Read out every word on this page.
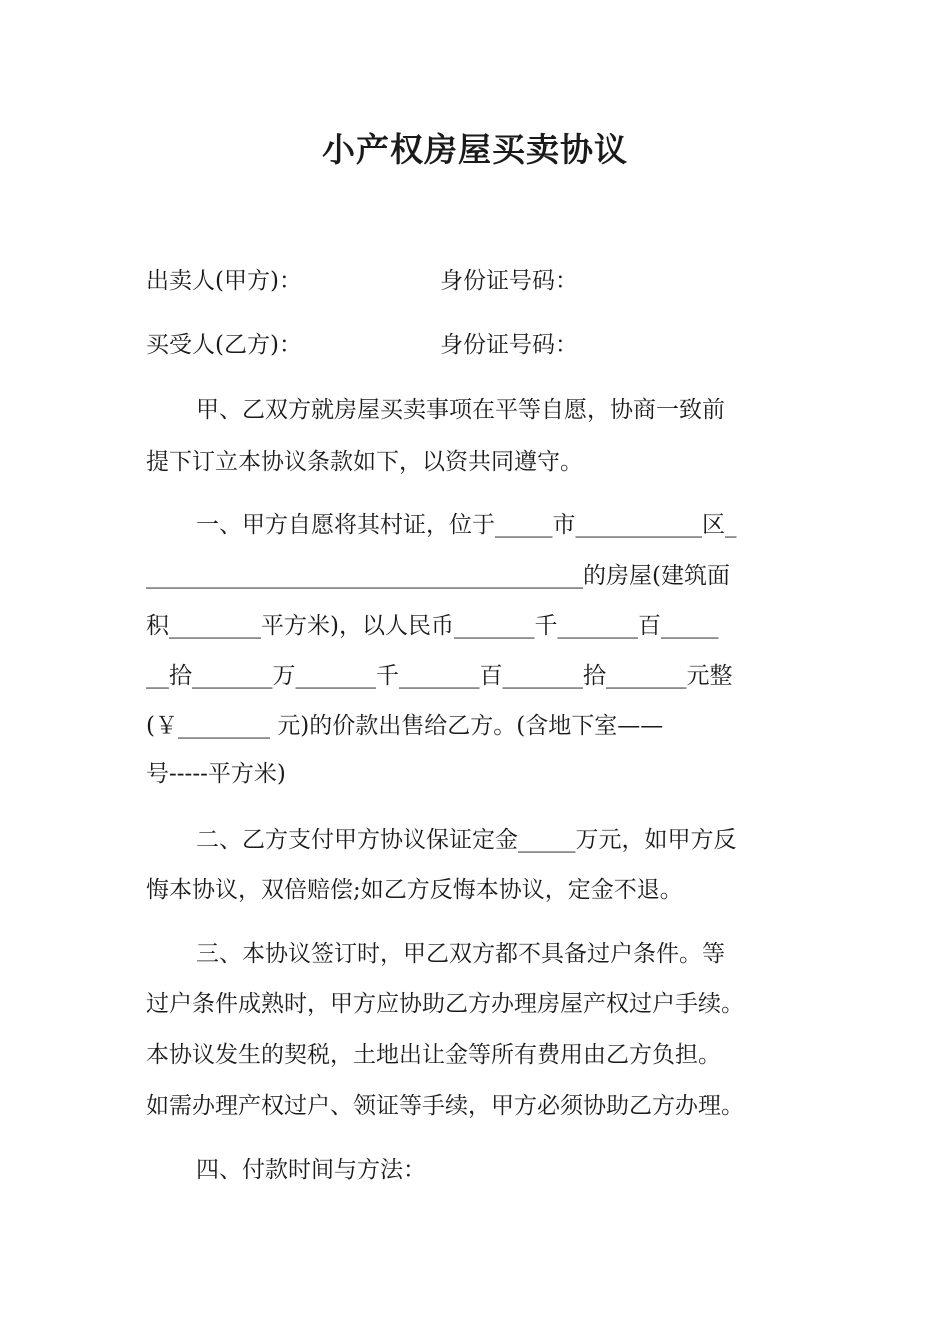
小产权房屋买卖协议
出卖人(甲方)：	身份证号码：
买受人(乙方)：	身份证号码：
甲、乙双方就房屋买卖事项在平等自愿，协商一致前
提下订立本协议条款如下，以资共同遵守。
一、甲方自愿将其村证，位于_____市___________区_
______________________________________的房屋(建筑面
积________平方米)，以人民币_______千_______百_____
__拾_______万_______千_______百_______拾_______元整
(￥________ 元)的价款出售给乙方。(含地下室——
号-----平方米)
二、乙方支付甲方协议保证定金_____万元，如甲方反
悔本协议，双倍赔偿;如乙方反悔本协议，定金不退。
三、本协议签订时，甲乙双方都不具备过户条件。等
过户条件成熟时，甲方应协助乙方办理房屋产权过户手续。
本协议发生的契税，土地出让金等所有费用由乙方负担。
如需办理产权过户、领证等手续，甲方必须协助乙方办理。
四、付款时间与方法：
